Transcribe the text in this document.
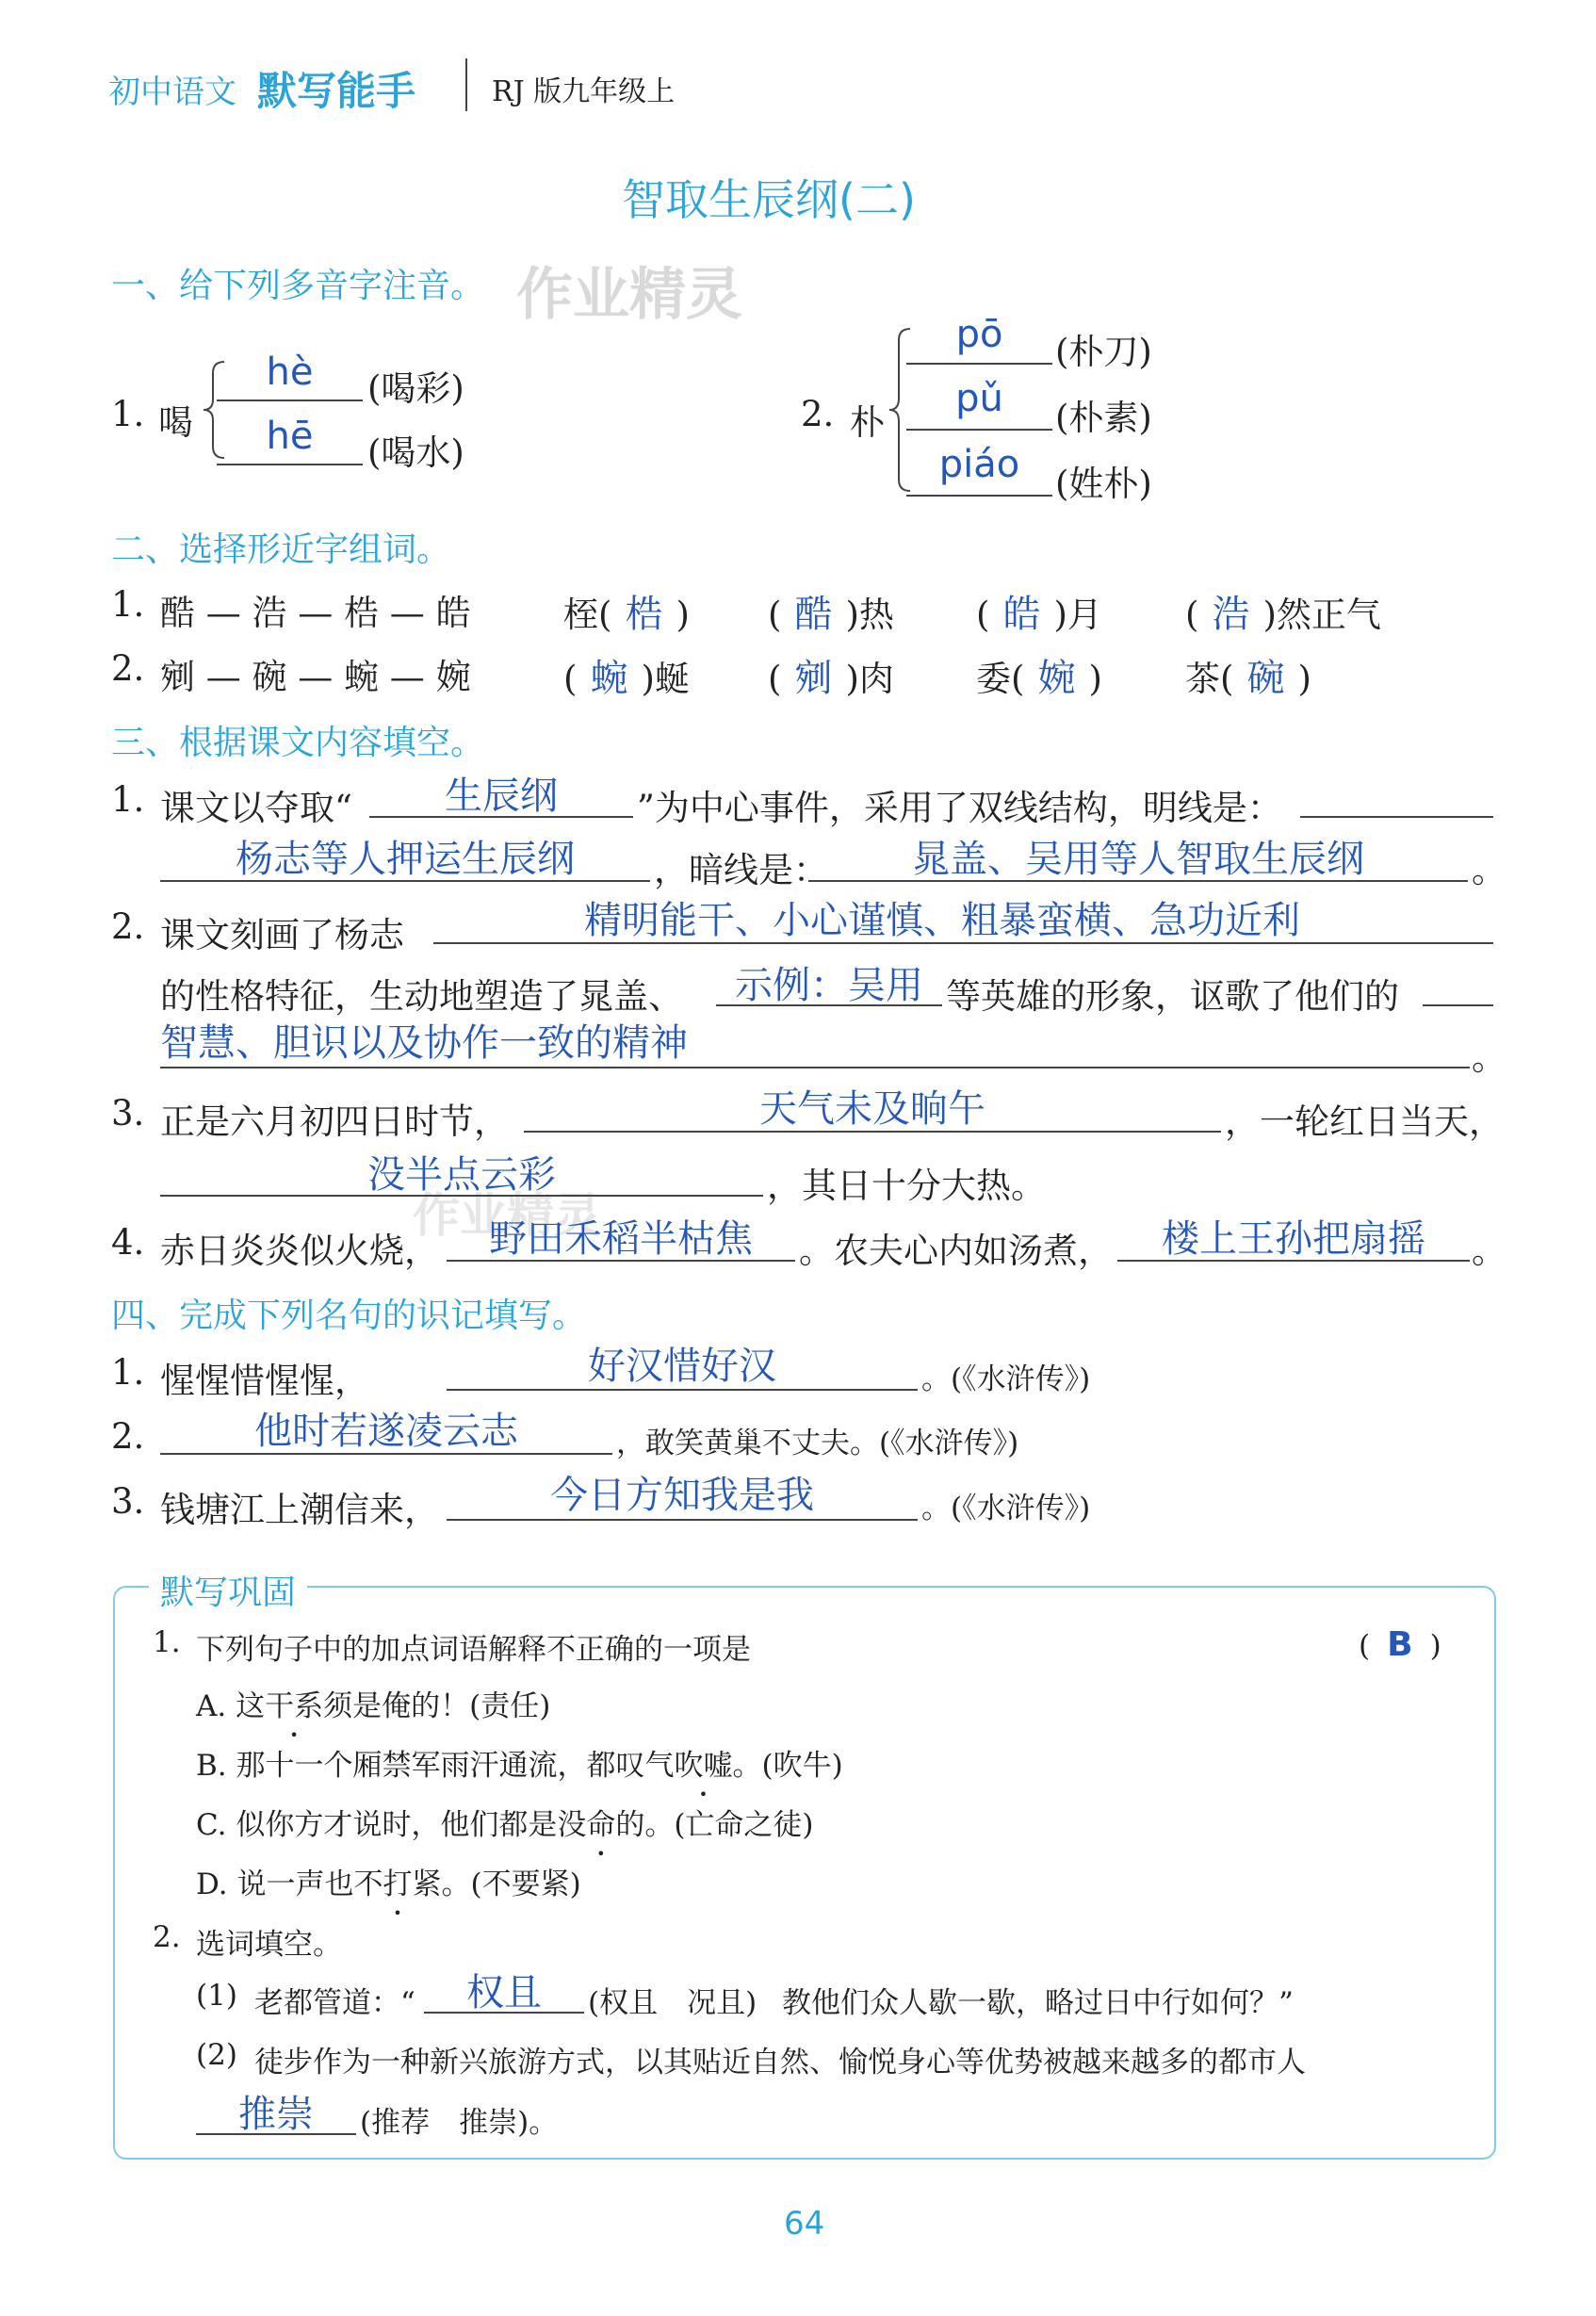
初中语文 默写能手	RJ 版九年级上
智取生辰纲(二)
作业精灵
作业精灵
一、给下列多音字注音。
1. 喝
hè	(喝彩)
hē	(喝水)
2. 朴
pō	(朴刀)
pǔ	(朴素)
piáo	(姓朴)
二、选择形近字组词。
1. 酷 — 浩 — 梏 — 皓	桎( 梏 ) ( 酷 )热 ( 皓 )月 ( 浩 )然正气
2. 剜 — 碗 — 蜿 — 婉	( 蜿 )蜒 ( 剜 )肉 委( 婉 ) 茶( 碗 )
三、根据课文内容填空。
1. 课文以夺取“	生辰纲	”为中心事件，采用了双线结构，明线是：
杨志等人押运生辰纲	，暗线是：	晁盖、吴用等人智取生辰纲	。
2. 课文刻画了杨志	精明能干、小心谨慎、粗暴蛮横、急功近利
的性格特征，生动地塑造了晁盖、	示例：吴用 等英雄的形象，讴歌了他们的
智慧、胆识以及协作一致的精神	。
3. 正是六月初四日时节，	天气未及晌午	，一轮红日当天，
没半点云彩	，其日十分大热。
4. 赤日炎炎似火烧，	野田禾稻半枯焦	。农夫心内如汤煮，	楼上王孙把扇摇	。
四、完成下列名句的识记填写。
1. 惺惺惜惺惺，	好汉惜好汉	。(《水浒传》)
2.	他时若遂凌云志	，敢笑黄巢不丈夫。(《水浒传》)
3. 钱塘江上潮信来，	今日方知我是我	。(《水浒传》)
默写巩固
1. 下列句子中的加点词语解释不正确的一项是	( B )
A. 这干系须是俺的！(责任)
B. 那十一个厢禁军雨汗通流，都叹气吹嘘。(吹牛)
C. 似你方才说时，他们都是没命的。(亡命之徒)
D. 说一声也不打紧。(不要紧)
2. 选词填空。
(1) 老都管道：“	权且	(权且　况且) 教他们众人歇一歇，略过日中行如何？”
(2) 徒步作为一种新兴旅游方式，以其贴近自然、愉悦身心等优势被越来越多的都市人
推崇	(推荐　推崇)。
64
